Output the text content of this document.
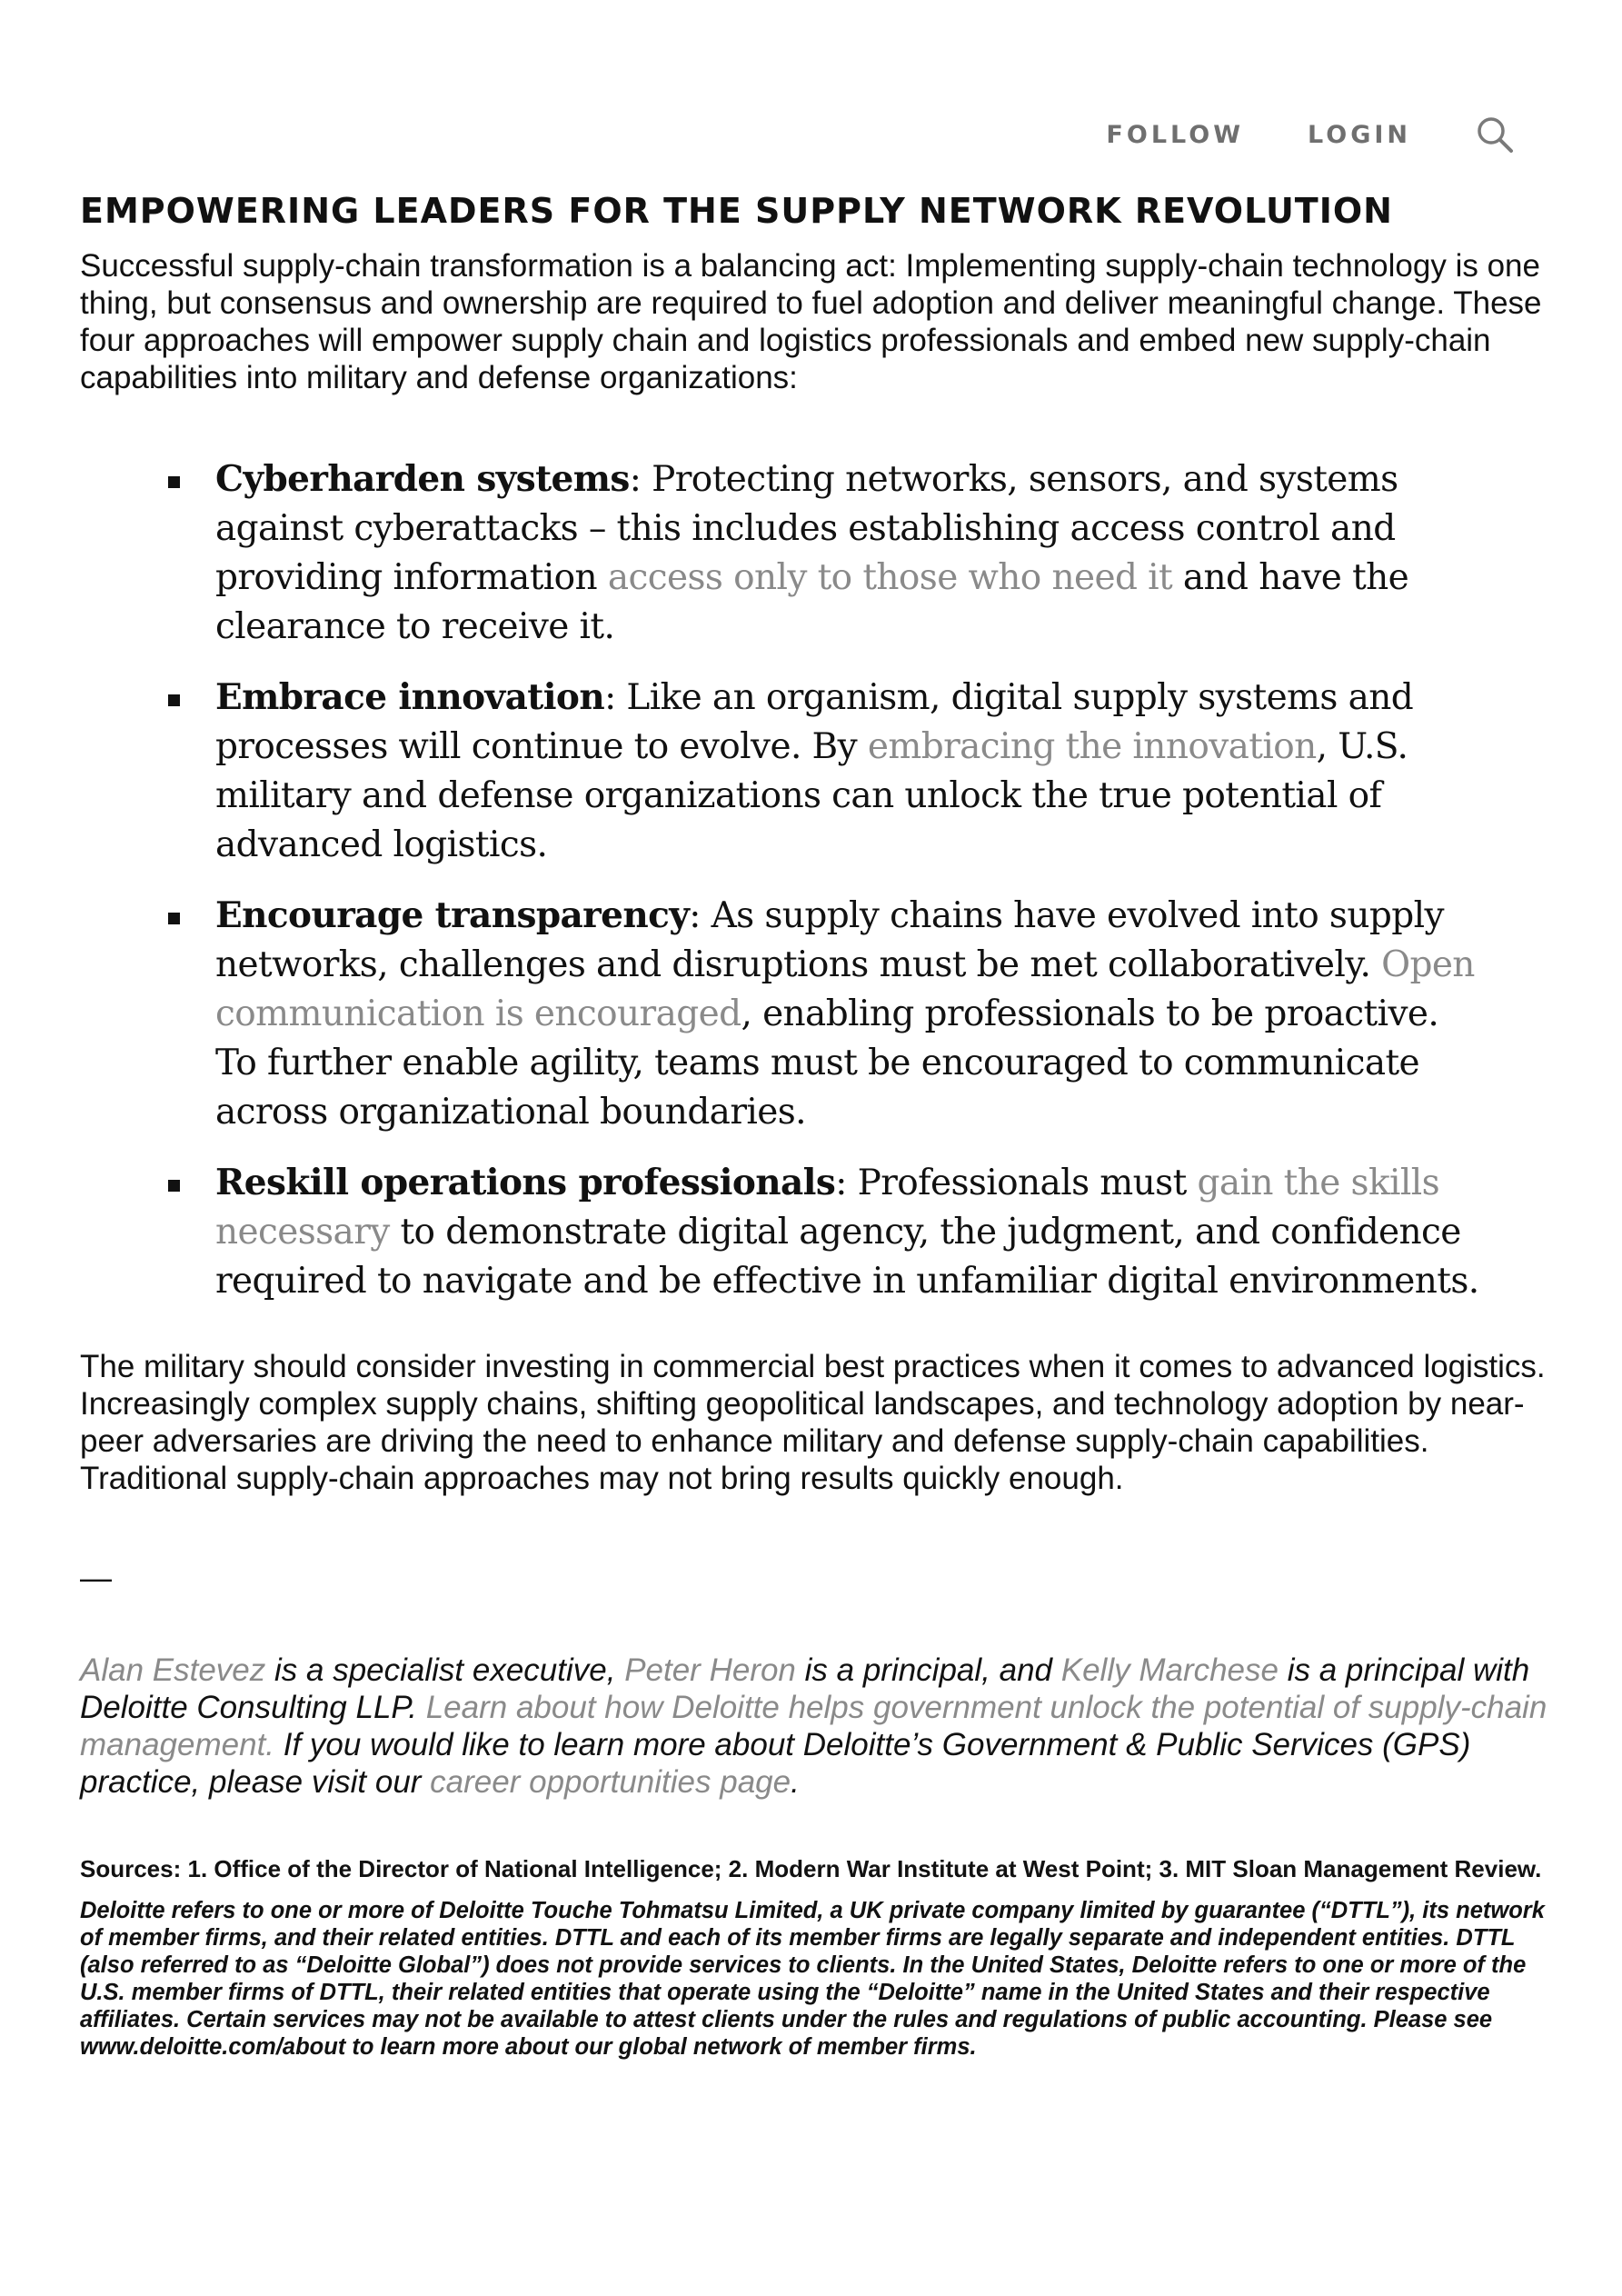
FOLLOW	LOGIN
EMPOWERING LEADERS FOR THE SUPPLY NETWORK REVOLUTION

Successful supply-chain transformation is a balancing act: Implementing supply-chain technology is one thing, but consensus and ownership are required to fuel adoption and deliver meaningful change. These four approaches will empower supply chain and logistics professionals and embed new supply-chain capabilities into military and defense organizations:

Cyberharden systems: Protecting networks, sensors, and systems against cyberattacks – this includes establishing access control and providing information access only to those who need it and have the clearance to receive it.
Embrace innovation: Like an organism, digital supply systems and processes will continue to evolve. By embracing the innovation, U.S. military and defense organizations can unlock the true potential of advanced logistics.
Encourage transparency: As supply chains have evolved into supply networks, challenges and disruptions must be met collaboratively. Open communication is encouraged, enabling professionals to be proactive. To further enable agility, teams must be encouraged to communicate across organizational boundaries.
Reskill operations professionals: Professionals must gain the skills necessary to demonstrate digital agency, the judgment, and confidence required to navigate and be effective in unfamiliar digital environments.

The military should consider investing in commercial best practices when it comes to advanced logistics. Increasingly complex supply chains, shifting geopolitical landscapes, and technology adoption by near-peer adversaries are driving the need to enhance military and defense supply-chain capabilities. Traditional supply-chain approaches may not bring results quickly enough.

—

Alan Estevez is a specialist executive, Peter Heron is a principal, and Kelly Marchese is a principal with Deloitte Consulting LLP. Learn about how Deloitte helps government unlock the potential of supply-chain management. If you would like to learn more about Deloitte’s Government & Public Services (GPS) practice, please visit our career opportunities page.

Sources: 1. Office of the Director of National Intelligence; 2. Modern War Institute at West Point; 3. MIT Sloan Management Review.

Deloitte refers to one or more of Deloitte Touche Tohmatsu Limited, a UK private company limited by guarantee (“DTTL”), its network of member firms, and their related entities. DTTL and each of its member firms are legally separate and independent entities. DTTL (also referred to as “Deloitte Global”) does not provide services to clients. In the United States, Deloitte refers to one or more of the U.S. member firms of DTTL, their related entities that operate using the “Deloitte” name in the United States and their respective affiliates. Certain services may not be available to attest clients under the rules and regulations of public accounting. Please see www.deloitte.com/about to learn more about our global network of member firms.
